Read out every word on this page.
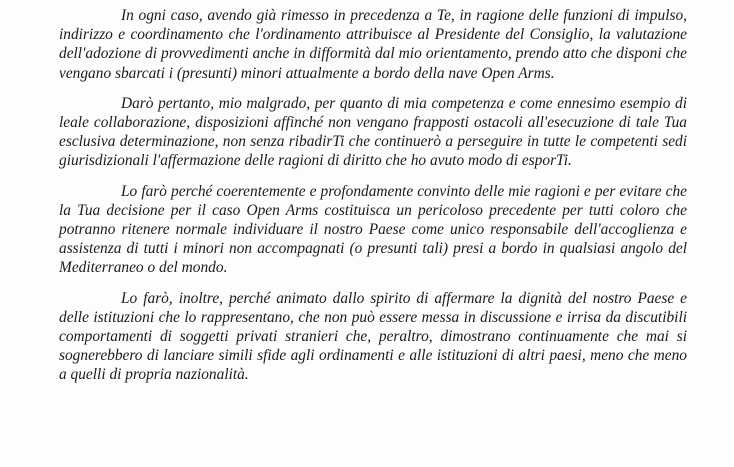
In ogni caso, avendo già rimesso in precedenza a Te, in ragione delle funzioni di impulso, indirizzo e coordinamento che l'ordinamento attribuisce al Presidente del Consiglio, la valutazione dell'adozione di provvedimenti anche in difformità dal mio orientamento, prendo atto che disponi che vengano sbarcati i (presunti) minori attualmente a bordo della nave Open Arms.

Darò pertanto, mio malgrado, per quanto di mia competenza e come ennesimo esempio di leale collaborazione, disposizioni affinché non vengano frapposti ostacoli all'esecuzione di tale Tua esclusiva determinazione, non senza ribadirTi che continuerò a perseguire in tutte le competenti sedi giurisdizionali l'affermazione delle ragioni di diritto che ho avuto modo di esporTi.

Lo farò perché coerentemente e profondamente convinto delle mie ragioni e per evitare che la Tua decisione per il caso Open Arms costituisca un pericoloso precedente per tutti coloro che potranno ritenere normale individuare il nostro Paese come unico responsabile dell'accoglienza e assistenza di tutti i minori non accompagnati (o presunti tali) presi a bordo in qualsiasi angolo del Mediterraneo o del mondo.

Lo farò, inoltre, perché animato dallo spirito di affermare la dignità del nostro Paese e delle istituzioni che lo rappresentano, che non può essere messa in discussione e irrisa da discutibili comportamenti di soggetti privati stranieri che, peraltro, dimostrano continuamente che mai si sognerebbero di lanciare simili sfide agli ordinamenti e alle istituzioni di altri paesi, meno che meno a quelli di propria nazionalità.
